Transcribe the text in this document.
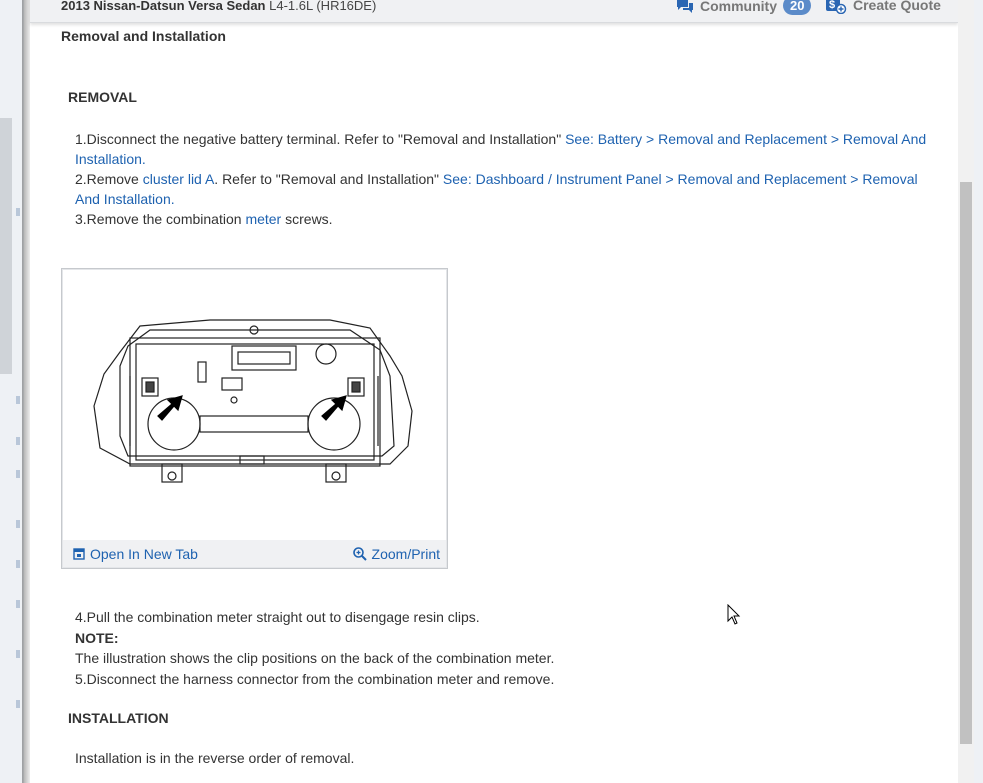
2013 Nissan-Datsun Versa Sedan L4-1.6L (HR16DE)	Community	20	$ Create Quote
Removal and Installation
REMOVAL

1.Disconnect the negative battery terminal. Refer to "Removal and Installation" See: Battery > Removal and Replacement > Removal And Installation.

2.Remove cluster lid A. Refer to "Removal and Installation" See: Dashboard / Instrument Panel > Removal and Replacement > Removal And Installation.

3.Remove the combination meter screws.

Open In New Tab	Zoom/Print

4.Pull the combination meter straight out to disengage resin clips.

NOTE:

The illustration shows the clip positions on the back of the combination meter.

5.Disconnect the harness connector from the combination meter and remove.

INSTALLATION
Installation is in the reverse order of removal.
